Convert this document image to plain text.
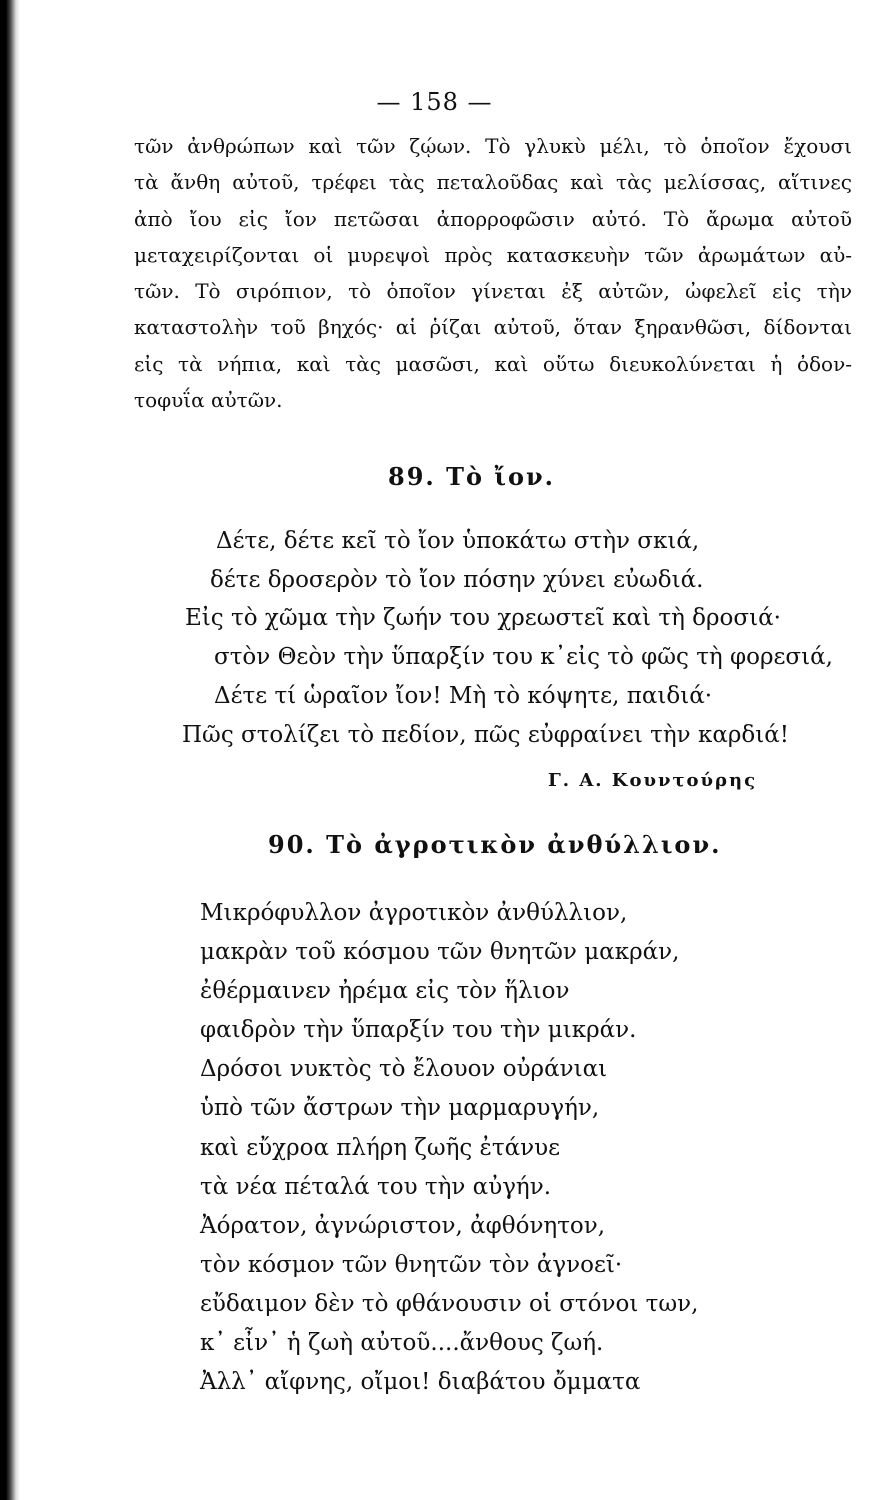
— 158 —
τῶν ἀνθρώπων καὶ τῶν ζῴων. Τὸ γλυκὺ μέλι, τὸ ὁποῖον ἔχουσι
τὰ ἄνθη αὐτοῦ, τρέφει τὰς πεταλοῦδας καὶ τὰς μελίσσας, αἵτινες
ἀπὸ ἴου εἰς ἴον πετῶσαι ἀπορροφῶσιν αὐτό. Τὸ ἄρωμα αὐτοῦ
μεταχειρίζονται οἱ μυρεψοὶ πρὸς κατασκευὴν τῶν ἀρωμάτων αὐ-
τῶν. Τὸ σιρόπιον, τὸ ὁποῖον γίνεται ἐξ αὐτῶν, ὠφελεῖ εἰς τὴν
καταστολὴν τοῦ βηχός· αἱ ῥίζαι αὐτοῦ, ὅταν ξηρανθῶσι, δίδονται
εἰς τὰ νήπια, καὶ τὰς μασῶσι, καὶ οὕτω διευκολύνεται ἡ ὀδον-
τοφυΐα αὐτῶν.
89. Τὸ ἴον.
Δέτε, δέτε κεῖ τὸ ἴον ὑποκάτω στὴν σκιά,
δέτε δροσερὸν τὸ ἴον πόσην χύνει εὐωδιά.
Εἰς τὸ χῶμα τὴν ζωήν του χρεωστεῖ καὶ τὴ δροσιά·
στὸν Θεὸν τὴν ὕπαρξίν του κ᾽εἰς τὸ φῶς τὴ φορεσιά,
Δέτε τί ὡραῖον ἴον! Μὴ τὸ κόψητε, παιδιά·
Πῶς στολίζει τὸ πεδίον, πῶς εὐφραίνει τὴν καρδιά!
Γ. Α. Κουντούρης
90. Τὸ ἀγροτικὸν ἀνθύλλιον.
Μικρόφυλλον ἀγροτικὸν ἀνθύλλιον,
μακρὰν τοῦ κόσμου τῶν θνητῶν μακράν,
ἐθέρμαινεν ἠρέμα εἰς τὸν ἥλιον
φαιδρὸν τὴν ὕπαρξίν του τὴν μικράν.
Δρόσοι νυκτὸς τὸ ἔλουον οὐράνιαι
ὑπὸ τῶν ἄστρων τὴν μαρμαρυγήν,
καὶ εὔχροα πλήρη ζωῆς ἐτάνυε
τὰ νέα πέταλά του τὴν αὐγήν.
Ἀόρατον, ἀγνώριστον, ἀφθόνητον,
τὸν κόσμον τῶν θνητῶν τὸν ἀγνοεῖ·
εὔδαιμον δὲν τὸ φθάνουσιν οἱ στόνοι των,
κ᾽ εἶν᾽ ἡ ζωὴ αὐτοῦ....ἄνθους ζωή.
Ἀλλ᾽ αἴφνης, οἴμοι! διαβάτου ὄμματα
